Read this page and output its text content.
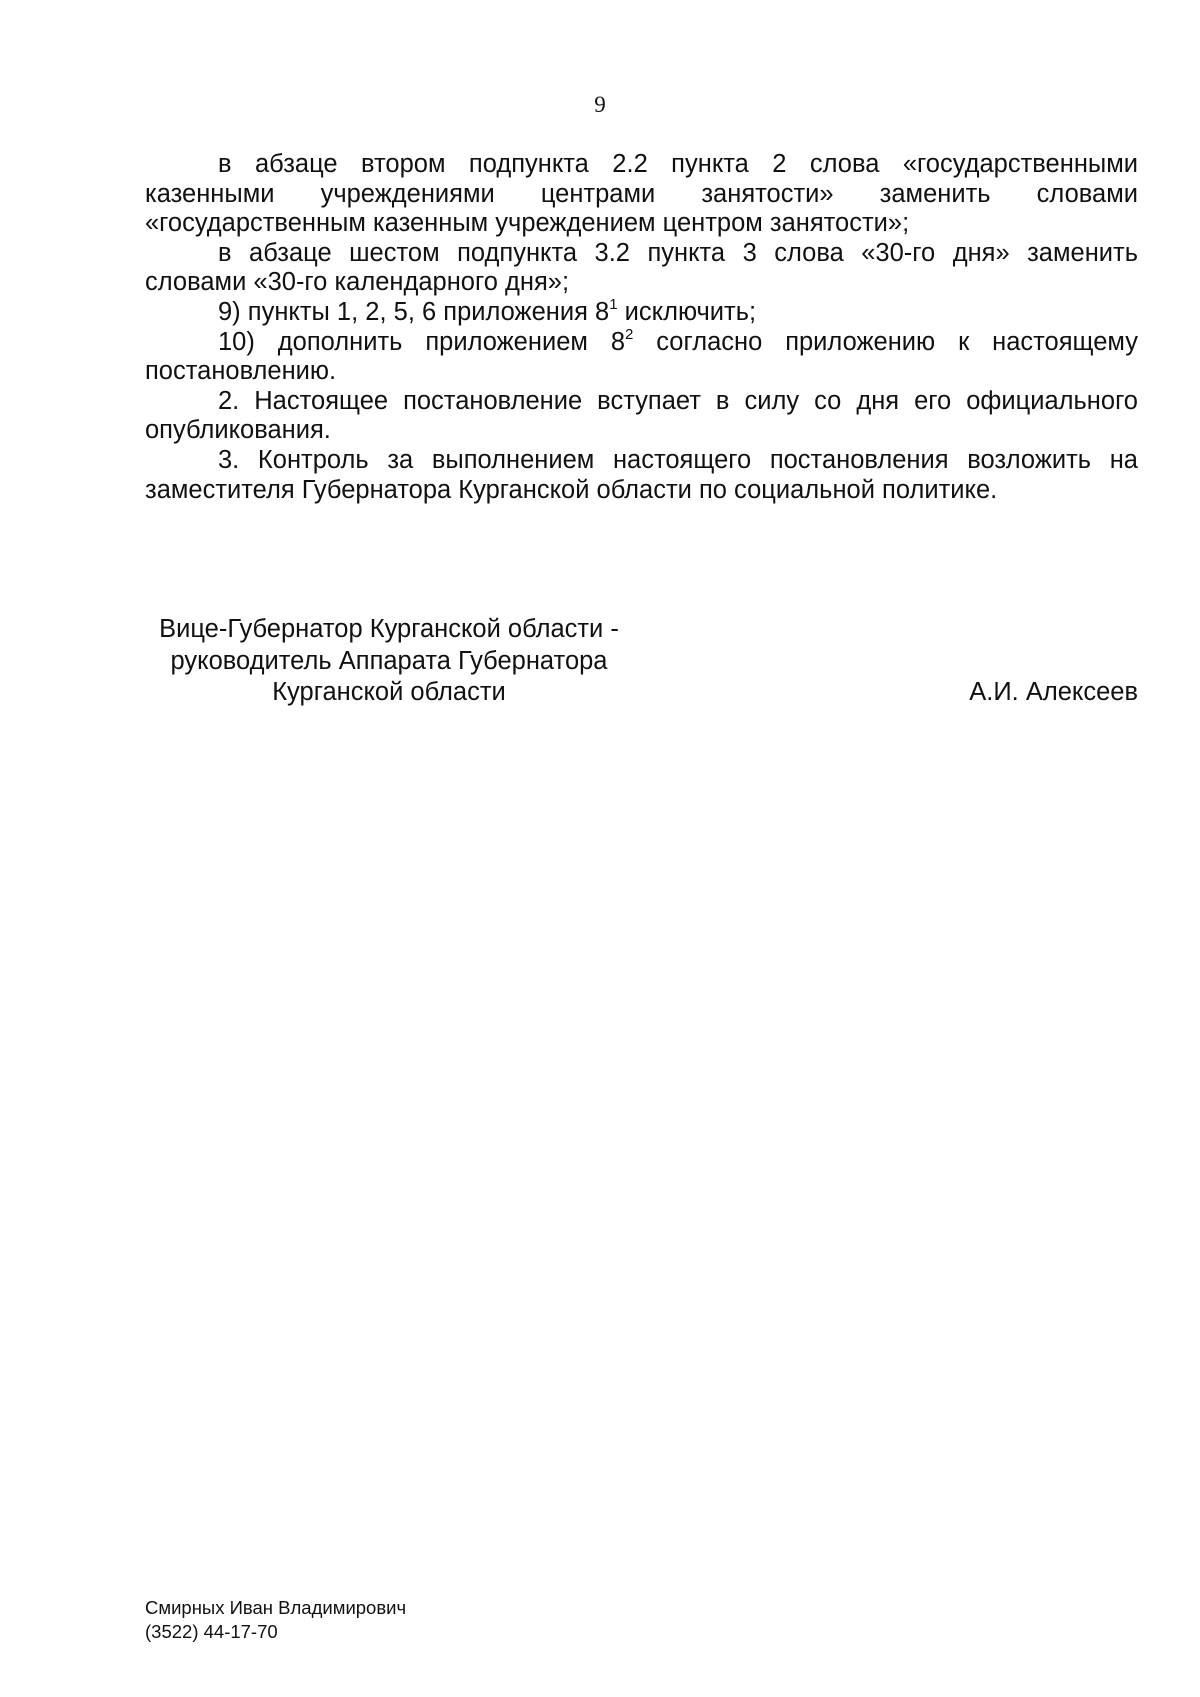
9

в абзаце втором подпункта 2.2 пункта 2 слова «государственными казенными учреждениями центрами занятости» заменить словами «государственным казенным учреждением центром занятости»;

в абзаце шестом подпункта 3.2 пункта 3 слова «30-го дня» заменить словами «30-го календарного дня»;

9) пункты 1, 2, 5, 6 приложения $8^1$ исключить;

10) дополнить приложением $8^2$ согласно приложению к настоящему постановлению.

2. Настоящее постановление вступает в силу со дня его официального опубликования.

3. Контроль за выполнением настоящего постановления возложить на заместителя Губернатора Курганской области по социальной политике.

Вице-Губернатор Курганской области -
руководитель Аппарата Губернатора
Курганской области	А.И. Алексеев
Смирных Иван Владимирович
(3522) 44-17-70
